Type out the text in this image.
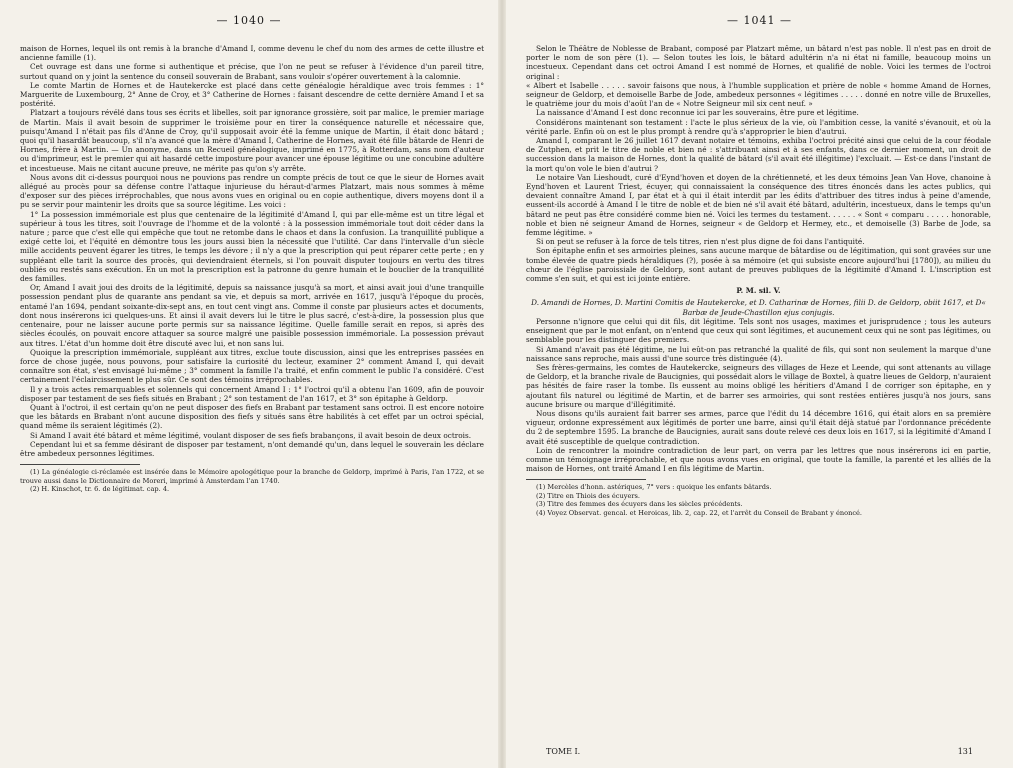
— 1040 —

maison de Hornes, lequel ils ont remis à la branche d'Amand I, comme devenu le chef du nom des armes de cette illustre et ancienne famille (1).

Cet ouvrage est dans une forme si authentique et précise, que l'on ne peut se refuser à l'évidence d'un pareil titre, surtout quand on y joint la sentence du conseil souverain de Brabant, sans vouloir s'opérer ouvertement à la calomnie.

Le comte Martin de Hornes et de Hautekercke est placé dans cette généalogie héraldique avec trois femmes : 1° Marguerite de Luxembourg, 2° Anne de Croy, et 3° Catherine de Hornes : faisant descendre de cette dernière Amand I et sa postérité.

Platzart a toujours révélé dans tous ses écrits et libelles, soit par ignorance grossière, soit par malice, le premier mariage de Martin. Mais il avait besoin de supprimer le troisième pour en tirer la conséquence naturelle et nécessaire que, puisqu'Amand I n'était pas fils d'Anne de Croy, qu'il supposait avoir été la femme unique de Martin, il était donc bâtard ; quoi qu'il hasardât beaucoup, s'il n'a avancé que la mère d'Amand I, Catherine de Hornes, avait été fille bâtarde de Henri de Hornes, frère à Martin. — Un anonyme, dans un Recueil généalogique, imprimé en 1775, à Rotterdam, sans nom d'auteur ou d'imprimeur, est le premier qui ait hasardé cette imposture pour avancer une épouse légitime ou une concubine adultère et incestueuse. Mais ne citant aucune preuve, ne mérite pas qu'on s'y arrête.

Nous avons dit ci-dessus pourquoi nous ne pouvions pas rendre un compte précis de tout ce que le sieur de Hornes avait allégué au procès pour sa défense contre l'attaque injurieuse du héraut-d'armes Platzart, mais nous sommes à même d'exposer sur des pièces irréprochables, que nous avons vues en original ou en copie authentique, divers moyens dont il a pu se servir pour maintenir les droits que sa source légitime. Les voici :

1° La possession immémoriale est plus que centenaire de la légitimité d'Amand I, qui par elle-même est un titre légal et supérieur à tous les titres, soit l'ouvrage de l'homme et de la volonté : à la possession immémoriale tout doit céder dans la nature ; parce que c'est elle qui empêche que tout ne retombe dans le chaos et dans la confusion. La tranquillité publique a exigé cette loi, et l'équité en démontre tous les jours aussi bien la nécessité que l'utilité. Car dans l'intervalle d'un siècle mille accidents peuvent égarer les titres, le temps les dévore ; il n'y a que la prescription qui peut réparer cette perte ; en y suppléant elle tarit la source des procès, qui deviendraient éternels, si l'on pouvait disputer toujours en vertu des titres oubliés ou restés sans exécution. En un mot la prescription est la patronne du genre humain et le bouclier de la tranquillité des familles.

Or, Amand I avait joui des droits de la légitimité, depuis sa naissance jusqu'à sa mort, et ainsi avait joui d'une tranquille possession pendant plus de quarante ans pendant sa vie, et depuis sa mort, arrivée en 1617, jusqu'à l'époque du procès, entamé l'an 1694, pendant soixante-dix-sept ans, en tout cent vingt ans. Comme il conste par plusieurs actes et documents, dont nous insérerons ici quelques-uns. Et ainsi il avait devers lui le titre le plus sacré, c'est-à-dire, la possession plus que centenaire, pour ne laisser aucune porte permis sur sa naissance légitime. Quelle famille serait en repos, si après des siècles écoulés, on pouvait encore attaquer sa source malgré une paisible possession immémoriale. La possession prévaut aux titres. L'état d'un homme doit être discuté avec lui, et non sans lui.

Quoique la prescription immémoriale, suppléant aux titres, exclue toute discussion, ainsi que les entreprises passées en force de chose jugée, nous pouvons, pour satisfaire la curiosité du lecteur, examiner 2° comment Amand I, qui devait connaître son état, s'est envisagé lui-même ; 3° comment la famille l'a traité, et enfin comment le public l'a considéré. C'est certainement l'éclaircissement le plus sûr. Ce sont des témoins irréprochables.

Il y a trois actes remarquables et solennels qui concernent Amand I : 1° l'octroi qu'il a obtenu l'an 1609, afin de pouvoir disposer par testament de ses fiefs situés en Brabant ; 2° son testament de l'an 1617, et 3° son épitaphe à Geldorp.

Quant à l'octroi, il est certain qu'on ne peut disposer des fiefs en Brabant par testament sans octroi. Il est encore notoire que les bâtards en Brabant n'ont aucune disposition des fiefs y situés sans être habilités à cet effet par un octroi spécial, quand même ils seraient légitimés (2).

Si Amand I avait été bâtard et même légitimé, voulant disposer de ses fiefs brabançons, il avait besoin de deux octrois.

Cependant lui et sa femme désirant de disposer par testament, n'ont demandé qu'un, dans lequel le souverain les déclare être ambedeux personnes légitimes.

(1) La généalogie ci-réclamée est insérée dans le Mémoire apologétique pour la branche de Geldorp, imprimé à Paris, l'an 1722, et se trouve aussi dans le Dictionnaire de Moreri, imprimé à Amsterdam l'an 1740.

(2) H. Kinschot, tr. 6. de légitimat. cap. 4.

— 1041 —

Selon le Théâtre de Noblesse de Brabant, composé par Platzart même, un bâtard n'est pas noble. Il n'est pas en droit de porter le nom de son père (1). — Selon toutes les lois, le bâtard adultérin n'a ni état ni famille, beaucoup moins un incestueux. Cependant dans cet octroi Amand I est nommé de Hornes, et qualifié de noble. Voici les termes de l'octroi original :

« Albert et Isabelle . . . . . savoir faisons que nous, à l'humble supplication et prière de noble « homme Amand de Hornes, seigneur de Geldorp, et demoiselle Barbe de Jode, ambedeux personnes « légitimes . . . . . donné en notre ville de Bruxelles, le quatrième jour du mois d'août l'an de « Notre Seigneur mil six cent neuf. »

La naissance d'Amand I est donc reconnue ici par les souverains, être pure et légitime.

Considérons maintenant son testament : l'acte le plus sérieux de la vie, où l'ambition cesse, la vanité s'évanouit, et où la vérité parle. Enfin où on est le plus prompt à rendre qu'à s'approprier le bien d'autrui.

Amand I, comparant le 26 juillet 1617 devant notaire et témoins, exhiba l'octroi précité ainsi que celui de la cour féodale de Zutphen, et prit le titre de noble et bien né : s'attribuant ainsi et à ses enfants, dans ce dernier moment, un droit de succession dans la maison de Hornes, dont la qualité de bâtard (s'il avait été illégitime) l'excluait. — Est-ce dans l'instant de la mort qu'on vole le bien d'autrui ?

Le notaire Van Lieshoudt, curé d'Eynd'hoven et doyen de la chrétienneté, et les deux témoins Jean Van Hove, chanoine à Eynd'hoven et Laurent Triest, écuyer, qui connaissaient la conséquence des titres énoncés dans les actes publics, qui devaient connaître Amand I, par état et à qui il était interdit par les édits d'attribuer des titres indus à peine d'amende, eussent-ils accordé à Amand I le titre de noble et de bien né s'il avait été bâtard, adultérin, incestueux, dans le temps qu'un bâtard ne peut pas être considéré comme bien né. Voici les termes du testament. . . . . . « Sont « comparu . . . . . honorable, noble et bien né seigneur Amand de Hornes, seigneur « de Geldorp et Hermey, etc., et demoiselle (3) Barbe de Jode, sa femme légitime. »

Si on peut se refuser à la force de tels titres, rien n'est plus digne de foi dans l'antiquité.

Son épitaphe enfin et ses armoiries pleines, sans aucune marque de bâtardise ou de légitimation, qui sont gravées sur une tombe élevée de quatre pieds héraldiques (?), posée à sa mémoire (et qui subsiste encore aujourd'hui [1780]), au milieu du chœur de l'église paroissiale de Geldorp, sont autant de preuves publiques de la légitimité d'Amand I. L'inscription est comme s'en suit, et qui est ici jointe entière.

P. M. sil. V.

D. Amandi de Hornes, D. Martini Comitis de Hautekercke, et D. Catharinæ de Hornes, filii D. de Geldorp, obiit 1617, et D« Barbæ de Jeude-Chastillon ejus conjugis.

Personne n'ignore que celui qui dit fils, dit légitime. Tels sont nos usages, maximes et jurisprudence ; tous les auteurs enseignent que par le mot enfant, on n'entend que ceux qui sont légitimes, et aucunement ceux qui ne sont pas légitimes, ou semblable pour les distinguer des premiers.

Si Amand n'avait pas été légitime, ne lui eût-on pas retranché la qualité de fils, qui sont non seulement la marque d'une naissance sans reproche, mais aussi d'une source très distinguée (4).

Ses frères-germains, les comtes de Hautekercke, seigneurs des villages de Heze et Leende, qui sont attenants au village de Geldorp, et la branche rivale de Baucignies, qui possédait alors le village de Boxtel, à quatre lieues de Geldorp, n'auraient pas hésités de faire raser la tombe. Ils eussent au moins obligé les héritiers d'Amand I de corriger son épitaphe, en y ajoutant fils naturel ou légitimé de Martin, et de barrer ses armoiries, qui sont restées entières jusqu'à nos jours, sans aucune brisure ou marque d'illégitimité.

Nous disons qu'ils auraient fait barrer ses armes, parce que l'édit du 14 décembre 1616, qui était alors en sa première vigueur, ordonne expressément aux légitimés de porter une barre, ainsi qu'il était déjà statué par l'ordonnance précédente du 2 de septembre 1595. La branche de Baucignies, aurait sans doute relevé ces deux lois en 1617, si la légitimité d'Amand I avait été susceptible de quelque contradiction.

Loin de rencontrer la moindre contradiction de leur part, on verra par les lettres que nous insérerons ici en partie, comme un témoignage irréprochable, et que nous avons vues en original, que toute la famille, la parenté et les alliés de la maison de Hornes, ont traité Amand I en fils légitime de Martin.

(1) Mercèles d'honn. astériques, 7° vers : quoique les enfants bâtards.

(2) Titre en Thiois des écuyers.

(3) Titre des femmes des écuyers dans les siècles précédents.

(4) Voyez Observat. gencal. et Heroicas, lib. 2, cap. 22, et l'arrêt du Conseil de Brabant y énoncé.

TOME I.	131
